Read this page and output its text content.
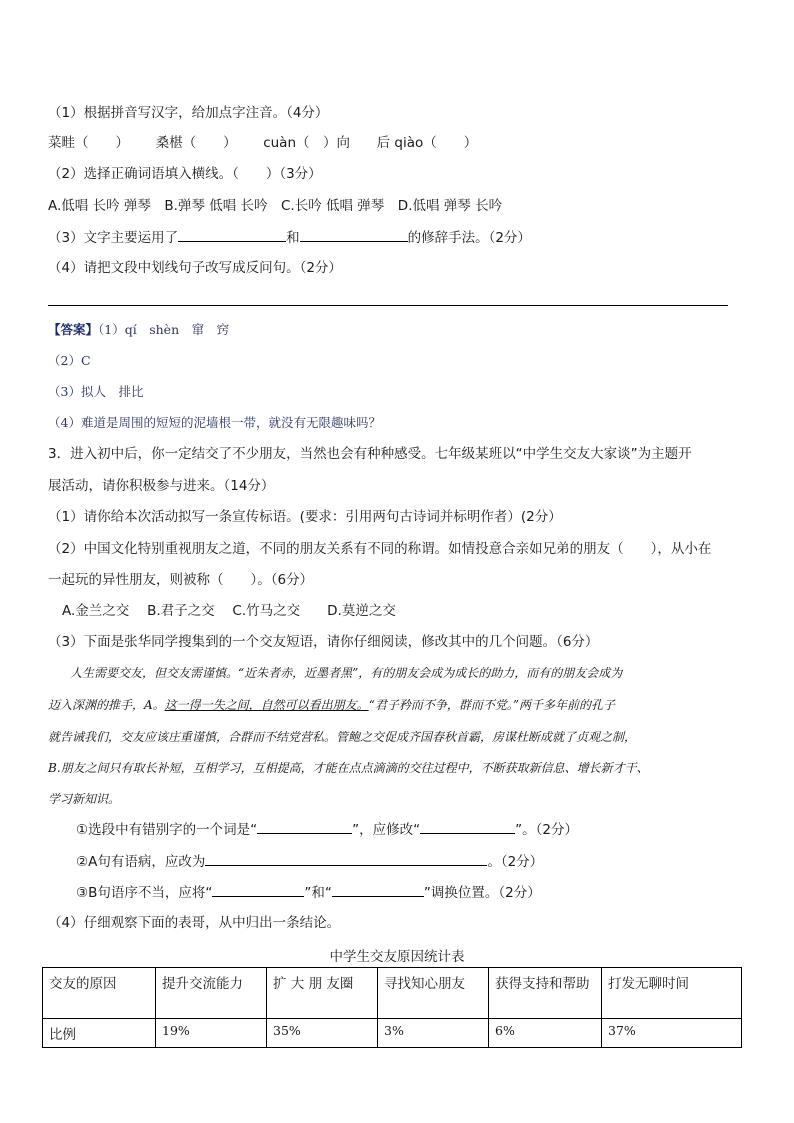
（1）根据拼音写汉字，给加点字注音。（4分）
菜畦（　　） 桑椹（　　） cuàn（　）向 后 qiào（　　）
（2）选择正确词语填入横线。（　　）（3分）
A.低唱 长吟 弹琴　B.弹琴 低唱 长吟　C.长吟 低唱 弹琴　D.低唱 弹琴 长吟
（3）文字主要运用了	和	的修辞手法。（2分）
（4）请把文段中划线句子改写成反问句。（2分）
【答案】（1）qí　shèn　窜　窍
（2）C
（3）拟人　排比
（4）难道是周围的短短的泥墙根一带，就没有无限趣味吗？
3．进入初中后，你一定结交了不少朋友，当然也会有种种感受。七年级某班以“中学生交友大家谈”为主题开
展活动，请你积极参与进来。（14分）
（1）请你给本次活动拟写一条宣传标语。(要求：引用两句古诗词并标明作者）(2分）
（2）中国文化特别重视朋友之道，不同的朋友关系有不同的称谓。如情投意合亲如兄弟的朋友（　　），从小在
一起玩的异性朋友，则被称（　　）。（6分）
A.金兰之交　 B.君子之交　 C.竹马之交　　D.莫逆之交
（3）下面是张华同学搜集到的一个交友短语，请你仔细阅读，修改其中的几个问题。（6分）
人生需要交友，但交友需谨慎。“近朱者赤，近墨者黑”，有的朋友会成为成长的助力，而有的朋友会成为
迈入深渊的推手，A。这一得一失之间，自然可以看出朋友。“君子矜而不争，群而不党。”两千多年前的孔子
就告诫我们，交友应该庄重谨慎，合群而不结党营私。管鲍之交促成齐国春秋首霸，房谋杜断成就了贞观之制，
B.朋友之间只有取长补短，互相学习，互相提高，才能在点点滴滴的交往过程中，不断获取新信息、增长新才干、
学习新知识。
①选段中有错别字的一个词是“	”，应修改“	”。（2分）
②A句有语病，应改为	。（2分）
③B句语序不当，应将“	”和“	”调换位置。（2分）
（4）仔细观察下面的表哥，从中归出一条结论。
中学生交友原因统计表
交友的原因	提升交流能力	扩 大 朋 友圈	寻找知心朋友	获得支持和帮助	打发无聊时间
比例	19%	35%	3%	6%	37%
